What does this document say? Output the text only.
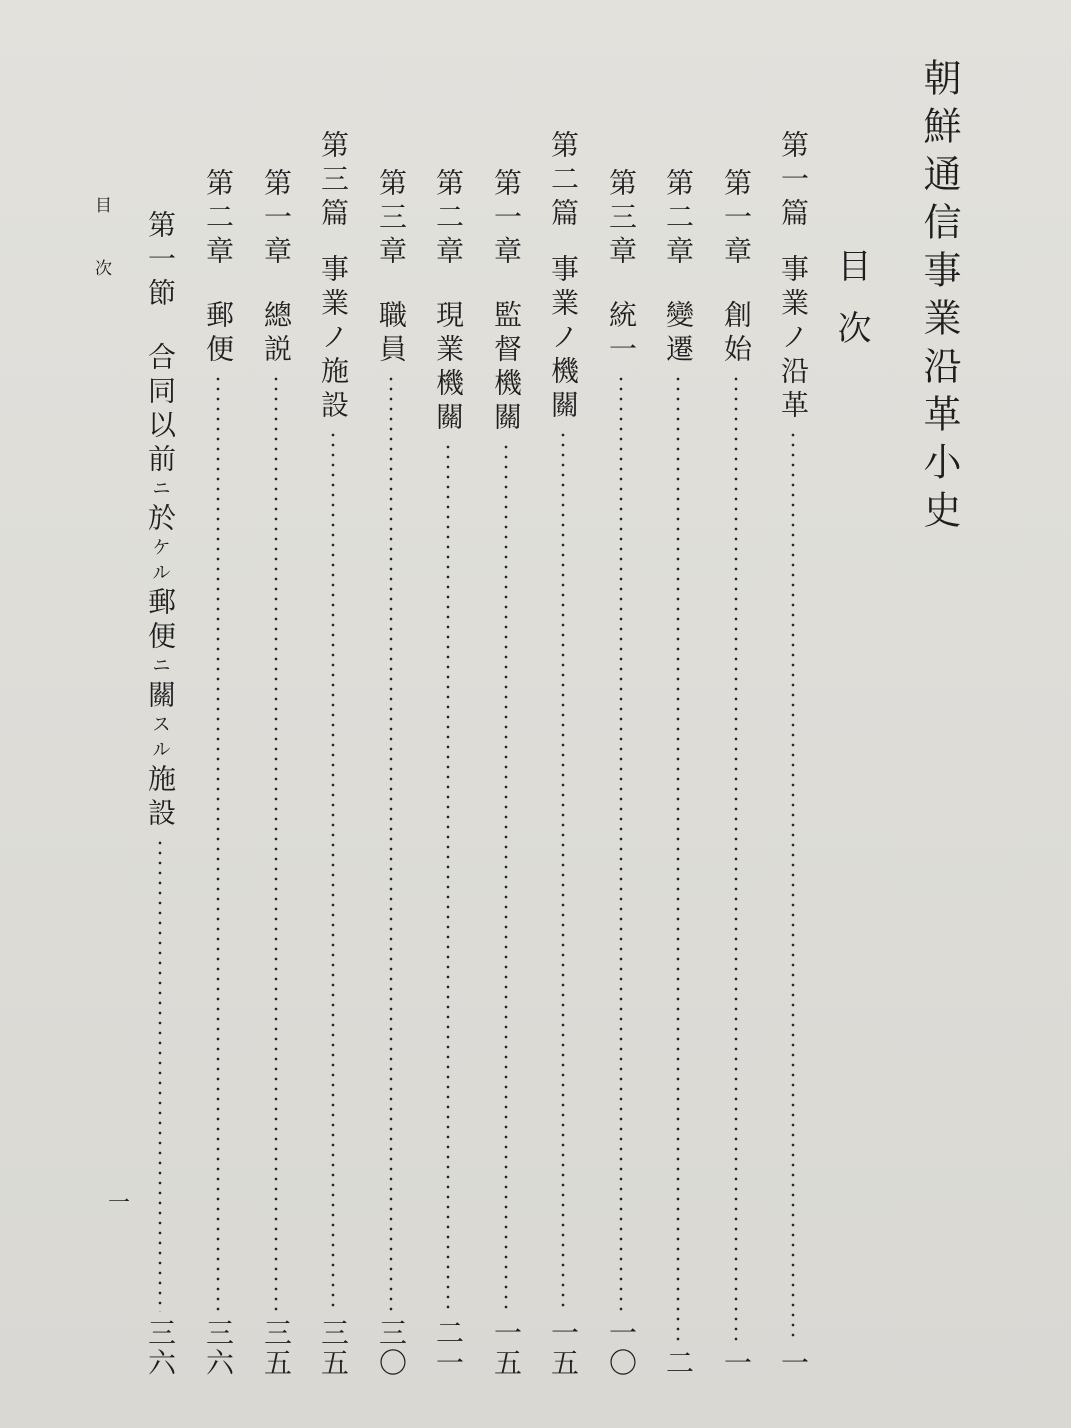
朝鮮通信事業沿革小史
目次
第一篇
事業ノ沿革
一
第一章
創始
一
第二章
變遷
二
第三章
統一
一〇
第二篇
事業ノ機關
一五
第一章
監督機關
一五
第二章
現業機關
二一
第三章
職員
三〇
第三篇
事業ノ施設
三五
第一章
總説
三五
第二章
郵便
三六
第一節
合同以前ニ於ケル郵便ニ關スル施設
三六
目次
一
